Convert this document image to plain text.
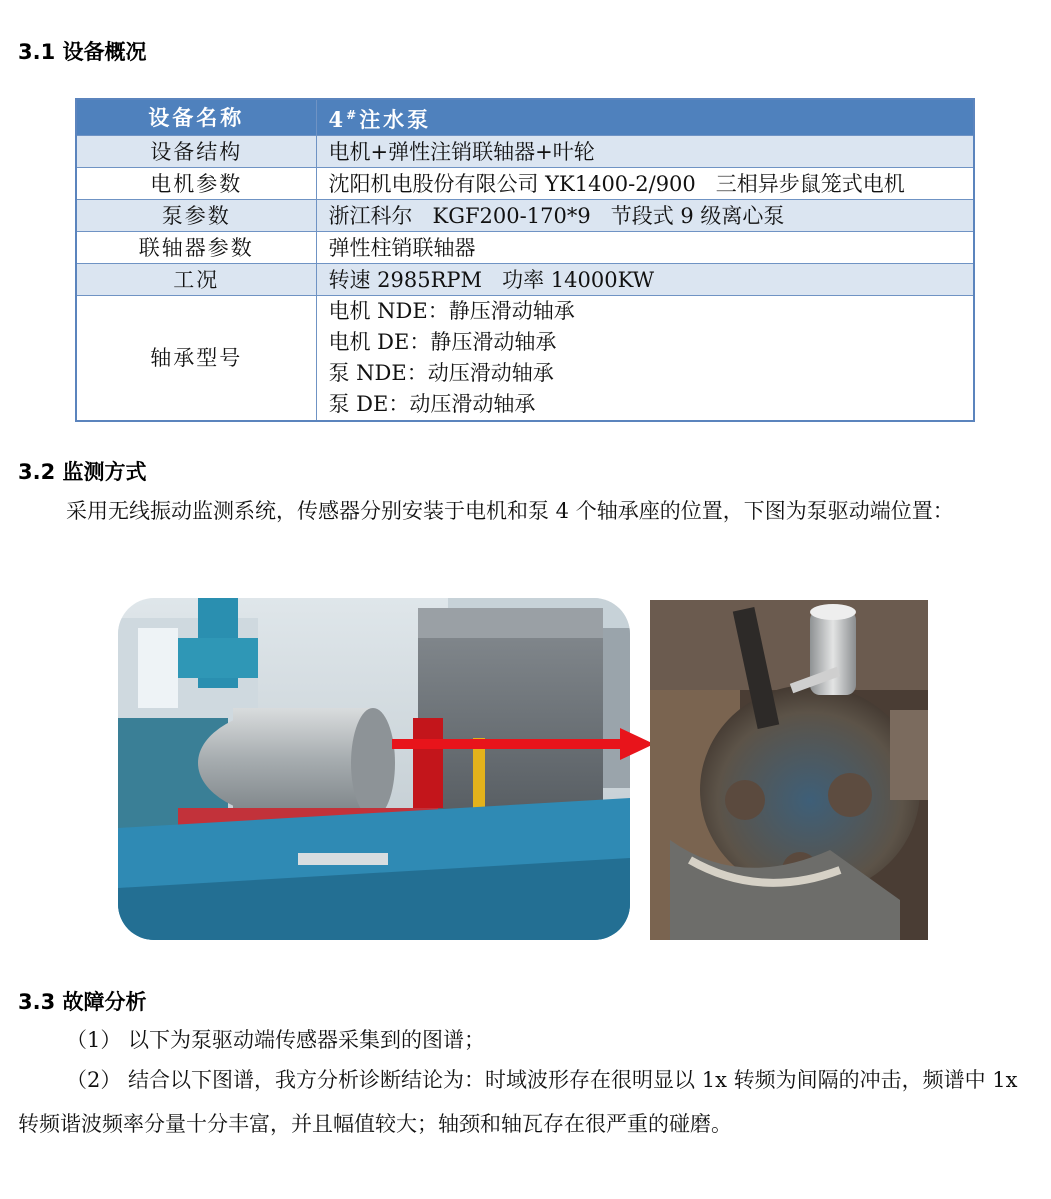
3.1 设备概况
设备名称	4#注水泵
设备结构	电机+弹性注销联轴器+叶轮
电机参数	沈阳机电股份有限公司 YK1400-2/900   三相异步鼠笼式电机
泵参数	浙江科尔   KGF200-170*9   节段式 9 级离心泵
联轴器参数	弹性柱销联轴器
工况	转速 2985RPM   功率 14000KW
轴承型号	电机 NDE：静压滑动轴承
电机 DE：静压滑动轴承
泵 NDE：动压滑动轴承
泵 DE：动压滑动轴承
3.2 监测方式

采用无线振动监测系统，传感器分别安装于电机和泵 4 个轴承座的位置，下图为泵驱动端位置：

3.3 故障分析

（1） 以下为泵驱动端传感器采集到的图谱；

（2） 结合以下图谱，我方分析诊断结论为：时域波形存在很明显以 1x 转频为间隔的冲击，频谱中 1x 转频谐波频率分量十分丰富，并且幅值较大；轴颈和轴瓦存在很严重的碰磨。
